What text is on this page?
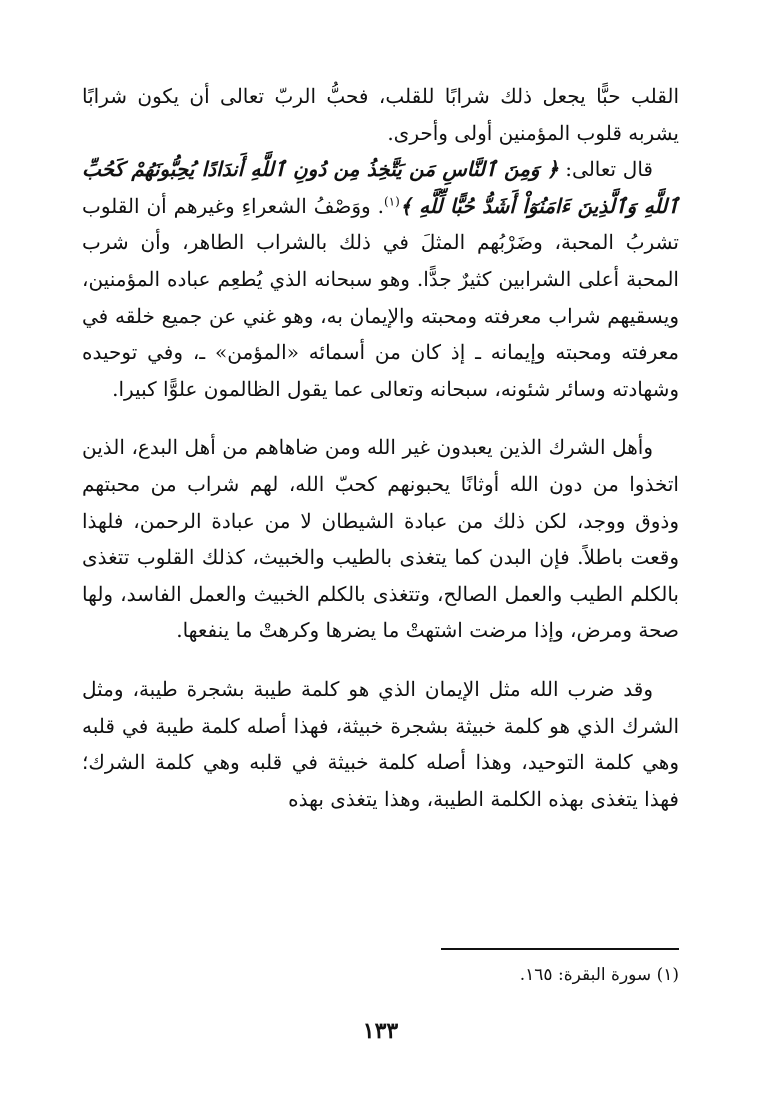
القلب حبًّا يجعل ذلك شرابًا للقلب، فحبُّ الربّ تعالى أن يكون شرابًا يشربه قلوب المؤمنين أولى وأحرى.

قال تعالى: ﴿ وَمِنَ ٱلنَّاسِ مَن يَتَّخِذُ مِن دُونِ ٱللَّهِ أَندَادًا يُحِبُّونَهُمْ كَحُبِّ ٱللَّهِ وَٱلَّذِينَ ءَامَنُوٓاْ أَشَدُّ حُبًّا لِّلَّهِ ﴾$^{(١)}$. ووَصْفُ الشعراءِ وغيرهم أن القلوب تشربُ المحبة، وضَرْبُهم المثلَ في ذلك بالشراب الطاهر، وأن شرب المحبة أعلى الشرابين كثيرٌ جدًّا. وهو سبحانه الذي يُطعِم عباده المؤمنين، ويسقيهم شراب معرفته ومحبته والإيمان به، وهو غني عن جميع خلقه في معرفته ومحبته وإيمانه ـ إذ كان من أسمائه «المؤمن» ـ، وفي توحيده وشهادته وسائر شئونه، سبحانه وتعالى عما يقول الظالمون علوًّا كبيرا.

وأهل الشرك الذين يعبدون غير الله ومن ضاهاهم من أهل البدع، الذين اتخذوا من دون الله أوثانًا يحبونهم كحبّ الله، لهم شراب من محبتهم وذوق ووجد، لكن ذلك من عبادة الشيطان لا من عبادة الرحمن، فلهذا وقعت باطلاً. فإن البدن كما يتغذى بالطيب والخبيث، كذلك القلوب تتغذى بالكلم الطيب والعمل الصالح، وتتغذى بالكلم الخبيث والعمل الفاسد، ولها صحة ومرض، وإذا مرضت اشتهتْ ما يضرها وكرهتْ ما ينفعها.

وقد ضرب الله مثل الإيمان الذي هو كلمة طيبة بشجرة طيبة، ومثل الشرك الذي هو كلمة خبيثة بشجرة خبيثة، فهذا أصله كلمة طيبة في قلبه وهي كلمة التوحيد، وهذا أصله كلمة خبيثة في قلبه وهي كلمة الشرك؛ فهذا يتغذى بهذه الكلمة الطيبة، وهذا يتغذى بهذه

(١) سورة البقرة: ١٦٥.
١٣٣
